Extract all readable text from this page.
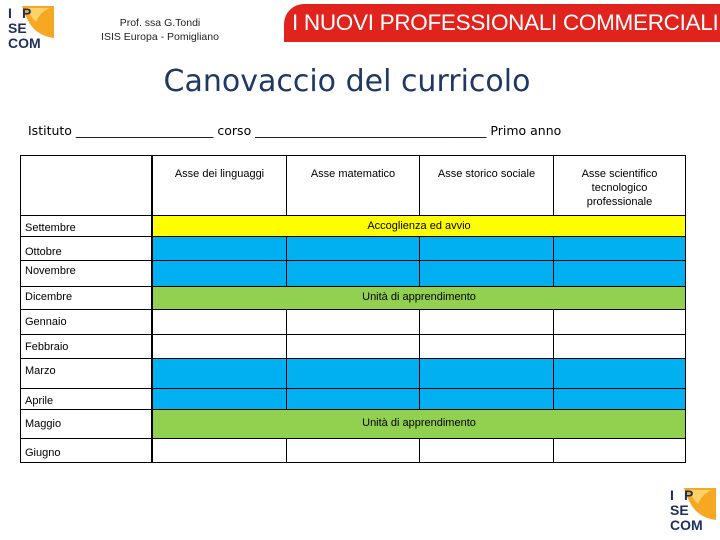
I P
SE
COM
Prof. ssa G.Tondi
ISIS Europa - Pomigliano
I NUOVI PROFESSIONALI COMMERCIALI
Canovaccio del curricolo
Istituto ______________________ corso _____________________________________ Primo anno
Asse dei linguaggi	Asse matematico	Asse storico sociale	Asse scientifico tecnologico professionale
Settembre	Accoglienza ed avvio
Ottobre
Novembre
Dicembre	Unità di apprendimento
Gennaio
Febbraio
Marzo
Aprile
Maggio	Unità di apprendimento
Giugno
I P
SE
COM
